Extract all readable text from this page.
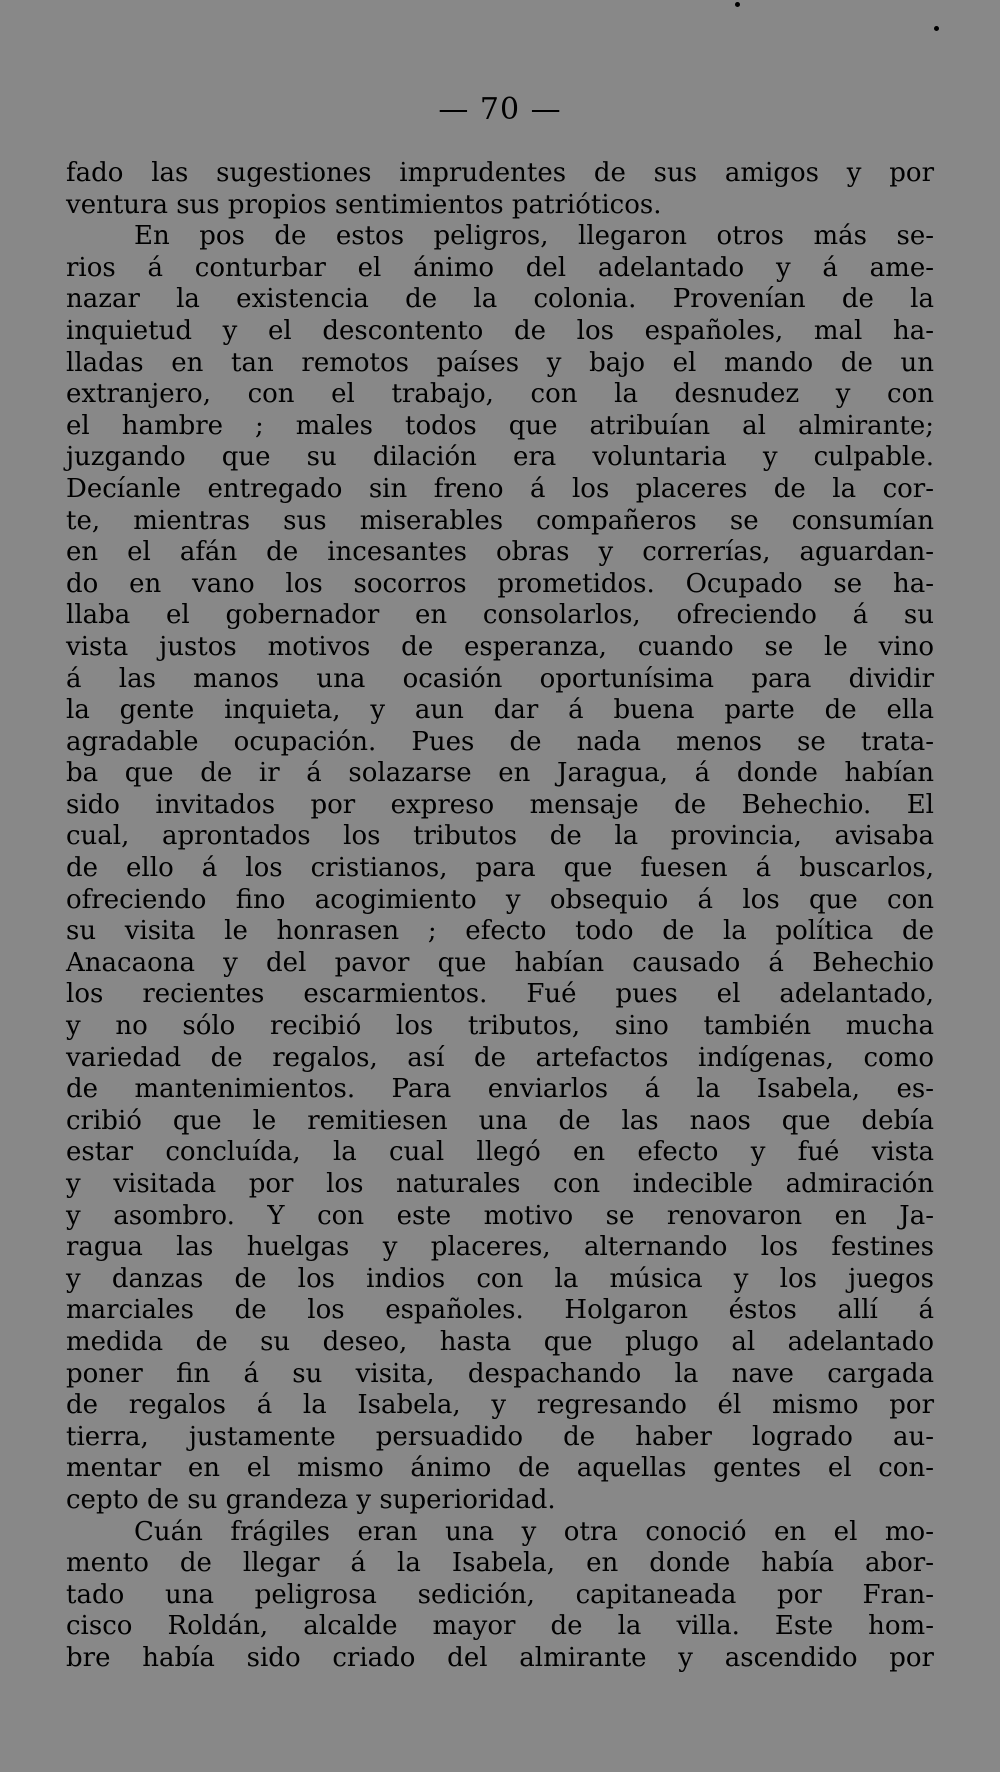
— 70 —
fado las sugestiones imprudentes de sus amigos y por
ventura sus propios sentimientos patrióticos.
En pos de estos peligros, llegaron otros más se-
rios á conturbar el ánimo del adelantado y á ame-
nazar la existencia de la colonia. Provenían de la
inquietud y el descontento de los españoles, mal ha-
lladas en tan remotos países y bajo el mando de un
extranjero, con el trabajo, con la desnudez y con
el hambre ; males todos que atribuían al almirante;
juzgando que su dilación era voluntaria y culpable.
Decíanle entregado sin freno á los placeres de la cor-
te, mientras sus miserables compañeros se consumían
en el afán de incesantes obras y correrías, aguardan-
do en vano los socorros prometidos. Ocupado se ha-
llaba el gobernador en consolarlos, ofreciendo á su
vista justos motivos de esperanza, cuando se le vino
á las manos una ocasión oportunísima para dividir
la gente inquieta, y aun dar á buena parte de ella
agradable ocupación. Pues de nada menos se trata-
ba que de ir á solazarse en Jaragua, á donde habían
sido invitados por expreso mensaje de Behechio. El
cual, aprontados los tributos de la provincia, avisaba
de ello á los cristianos, para que fuesen á buscarlos,
ofreciendo fino acogimiento y obsequio á los que con
su visita le honrasen ; efecto todo de la política de
Anacaona y del pavor que habían causado á Behechio
los recientes escarmientos. Fué pues el adelantado,
y no sólo recibió los tributos, sino también mucha
variedad de regalos, así de artefactos indígenas, como
de mantenimientos. Para enviarlos á la Isabela, es-
cribió que le remitiesen una de las naos que debía
estar concluída, la cual llegó en efecto y fué vista
y visitada por los naturales con indecible admiración
y asombro. Y con este motivo se renovaron en Ja-
ragua las huelgas y placeres, alternando los festines
y danzas de los indios con la música y los juegos
marciales de los españoles. Holgaron éstos allí á
medida de su deseo, hasta que plugo al adelantado
poner fin á su visita, despachando la nave cargada
de regalos á la Isabela, y regresando él mismo por
tierra, justamente persuadido de haber logrado au-
mentar en el mismo ánimo de aquellas gentes el con-
cepto de su grandeza y superioridad.
Cuán frágiles eran una y otra conoció en el mo-
mento de llegar á la Isabela, en donde había abor-
tado una peligrosa sedición, capitaneada por Fran-
cisco Roldán, alcalde mayor de la villa. Este hom-
bre había sido criado del almirante y ascendido por
